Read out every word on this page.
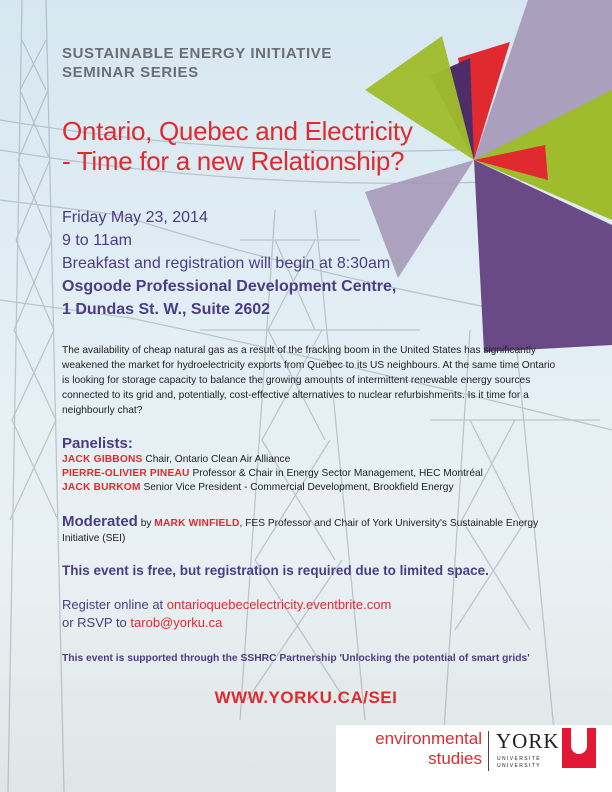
SUSTAINABLE ENERGY INITIATIVE
SEMINAR SERIES
Ontario, Quebec and Electricity
- Time for a new Relationship?
Friday May 23, 2014
9 to 11am
Breakfast and registration will begin at 8:30am
Osgoode Professional Development Centre,
1 Dundas St. W., Suite 2602
The availability of cheap natural gas as a result of the fracking boom in the United States has significantly weakened the market for hydroelectricity exports from Quebec to its US neighbours. At the same time Ontario is looking for storage capacity to balance the growing amounts of intermittent renewable energy sources connected to its grid and, potentially, cost-effective alternatives to nuclear refurbishments. Is it time for a neighbourly chat?
Panelists:
JACK GIBBONS Chair, Ontario Clean Air Alliance
PIERRE-OLIVIER PINEAU Professor & Chair in Energy Sector Management, HEC Montréal
JACK BURKOM Senior Vice President - Commercial Development, Brookfield Energy
Moderated by MARK WINFIELD, FES Professor and Chair of York University's Sustainable Energy Initiative (SEI)
This event is free, but registration is required due to limited space.
Register online at ontarioquebecelectricity.eventbrite.com
or RSVP to tarob@yorku.ca
This event is supported through the SSHRC Partnership 'Unlocking the potential of smart grids'
WWW.YORKU.CA/SEI
environmental
studies
YORK
UNIVERSITÉ
UNIVERSITY
